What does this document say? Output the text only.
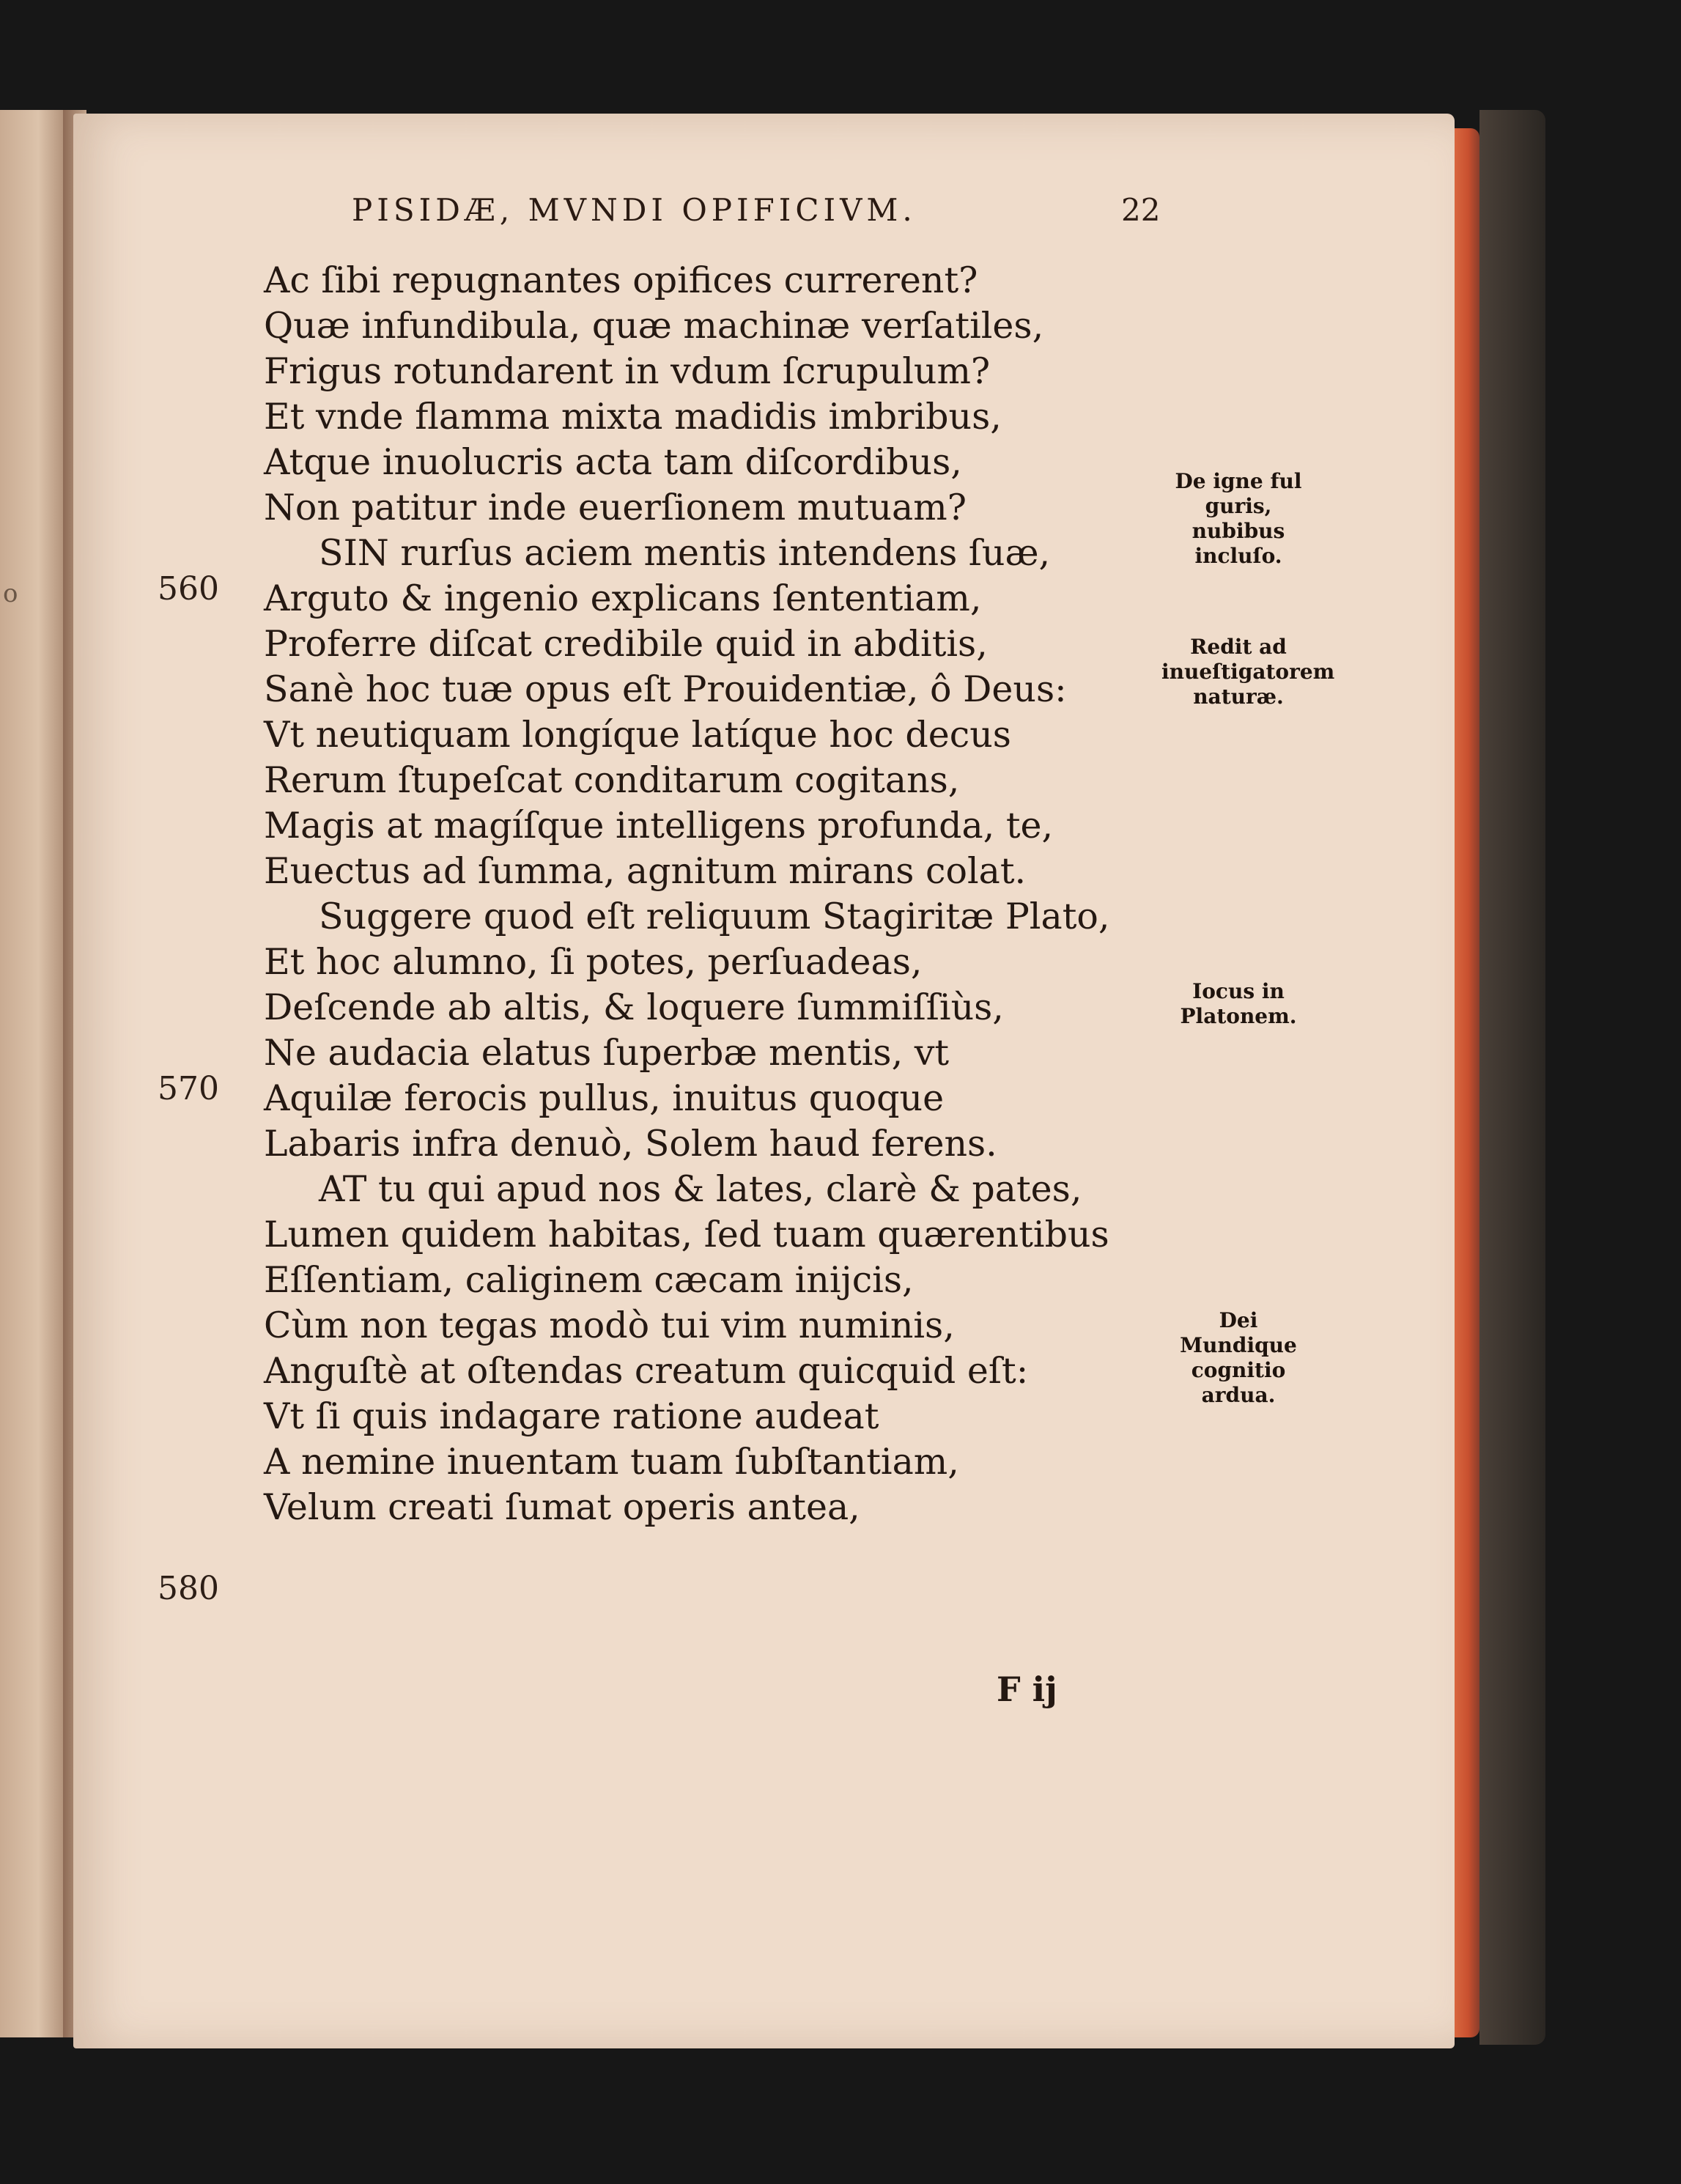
o
PISIDÆ, MVNDI OPIFICIVM.	22
Ac ſibi repugnantes opifices currerent?
Quæ infundibula, quæ machinæ verſatiles,
Frigus rotundarent in vdum ſcrupulum?
Et vnde flamma mixta madidis imbribus,
Atque inuolucris acta tam diſcordibus,
Non patitur inde euerſionem mutuam?
SIN rurſus aciem mentis intendens ſuæ,
Arguto & ingenio explicans ſententiam,
Proferre diſcat credibile quid in abditis,
Sanè hoc tuæ opus eſt Prouidentiæ, ô Deus:
Vt neutiquam longíque latíque hoc decus
Rerum ſtupeſcat conditarum cogitans,
Magis at magíſque intelligens profunda, te,
Euectus ad ſumma, agnitum mirans colat.
Suggere quod eſt reliquum Stagiritæ Plato,
Et hoc alumno, ſi potes, perſuadeas,
Deſcende ab altis, & loquere ſummiſſiùs,
Ne audacia elatus ſuperbæ mentis, vt
Aquilæ ferocis pullus, inuitus quoque
Labaris infra denuò, Solem haud ferens.
AT tu qui apud nos & lates, clarè & pates,
Lumen quidem habitas, ſed tuam quærentibus
Eſſentiam, caliginem cæcam inijcis,
Cùm non tegas modò tui vim numinis,
Anguſtè at oſtendas creatum quicquid eſt:
Vt ſi quis indagare ratione audeat
A nemine inuentam tuam ſubſtantiam,
Velum creati ſumat operis antea,
560
570
580
De igne ful guris, nubibus incluſo.
Redit ad inueſtigatorem naturæ.
Iocus in Platonem.
Dei Mundique cognitio ardua.
F ij
